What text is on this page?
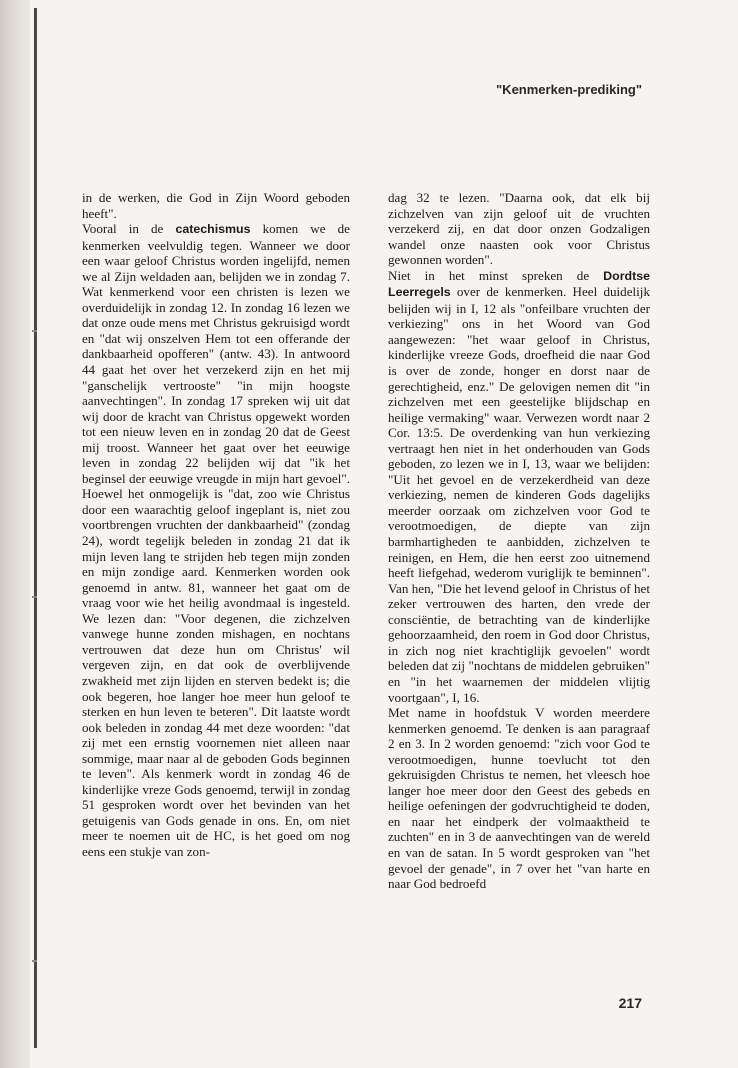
"Kenmerken-prediking"

in de werken, die God in Zijn Woord geboden heeft".

Vooral in de catechismus komen we de kenmerken veelvuldig tegen. Wanneer we door een waar geloof Christus worden ingelijfd, nemen we al Zijn weldaden aan, belijden we in zondag 7. Wat kenmerkend voor een christen is lezen we overduidelijk in zondag 12. In zondag 16 lezen we dat onze oude mens met Christus gekruisigd wordt en "dat wij onszelven Hem tot een offerande der dankbaarheid opofferen" (antw. 43). In antwoord 44 gaat het over het verzekerd zijn en het mij "ganschelijk vertrooste" "in mijn hoogste aanvechtingen". In zondag 17 spreken wij uit dat wij door de kracht van Christus opgewekt worden tot een nieuw leven en in zondag 20 dat de Geest mij troost. Wanneer het gaat over het eeuwige leven in zondag 22 belijden wij dat "ik het beginsel der eeuwige vreugde in mijn hart gevoel". Hoewel het onmogelijk is "dat, zoo wie Christus door een waarachtig geloof ingeplant is, niet zou voortbrengen vruchten der dankbaarheid" (zondag 24), wordt tegelijk beleden in zondag 21 dat ik mijn leven lang te strijden heb tegen mijn zonden en mijn zondige aard. Kenmerken worden ook genoemd in antw. 81, wanneer het gaat om de vraag voor wie het heilig avondmaal is ingesteld. We lezen dan: "Voor degenen, die zichzelven vanwege hunne zonden mishagen, en nochtans vertrouwen dat deze hun om Christus' wil vergeven zijn, en dat ook de overblijvende zwakheid met zijn lijden en sterven bedekt is; die ook begeren, hoe langer hoe meer hun geloof te sterken en hun leven te beteren". Dit laatste wordt ook beleden in zondag 44 met deze woorden: "dat zij met een ernstig voornemen niet alleen naar sommige, maar naar al de geboden Gods beginnen te leven". Als kenmerk wordt in zondag 46 de kinderlijke vreze Gods genoemd, terwijl in zondag 51 gesproken wordt over het bevinden van het getuigenis van Gods genade in ons. En, om niet meer te noemen uit de HC, is het goed om nog eens een stukje van zon-

dag 32 te lezen. "Daarna ook, dat elk bij zichzelven van zijn geloof uit de vruchten verzekerd zij, en dat door onzen Godzaligen wandel onze naasten ook voor Christus gewonnen worden".

Niet in het minst spreken de Dordtse Leerregels over de kenmerken. Heel duidelijk belijden wij in I, 12 als "onfeilbare vruchten der verkiezing" ons in het Woord van God aangewezen: "het waar geloof in Christus, kinderlijke vreeze Gods, droefheid die naar God is over de zonde, honger en dorst naar de gerechtigheid, enz." De gelovigen nemen dit "in zichzelven met een geestelijke blijdschap en heilige vermaking" waar. Verwezen wordt naar 2 Cor. 13:5. De overdenking van hun verkiezing vertraagt hen niet in het onderhouden van Gods geboden, zo lezen we in I, 13, waar we belijden: "Uit het gevoel en de verzekerdheid van deze verkiezing, nemen de kinderen Gods dagelijks meerder oorzaak om zichzelven voor God te verootmoedigen, de diepte van zijn barmhartigheden te aanbidden, zichzelven te reinigen, en Hem, die hen eerst zoo uitnemend heeft liefgehad, wederom vuriglijk te beminnen". Van hen, "Die het levend geloof in Christus of het zeker vertrouwen des harten, den vrede der consciëntie, de betrachting van de kinderlijke gehoorzaamheid, den roem in God door Christus, in zich nog niet krachtiglijk gevoelen" wordt beleden dat zij "nochtans de middelen gebruiken" en "in het waarnemen der middelen vlijtig voortgaan", I, 16.

Met name in hoofdstuk V worden meerdere kenmerken genoemd. Te denken is aan paragraaf 2 en 3. In 2 worden genoemd: "zich voor God te verootmoedigen, hunne toevlucht tot den gekruisigden Christus te nemen, het vleesch hoe langer hoe meer door den Geest des gebeds en heilige oefeningen der godvruchtigheid te doden, en naar het eindperk der volmaaktheid te zuchten" en in 3 de aanvechtingen van de wereld en van de satan. In 5 wordt gesproken van "het gevoel der genade", in 7 over het "van harte en naar God bedroefd

217
